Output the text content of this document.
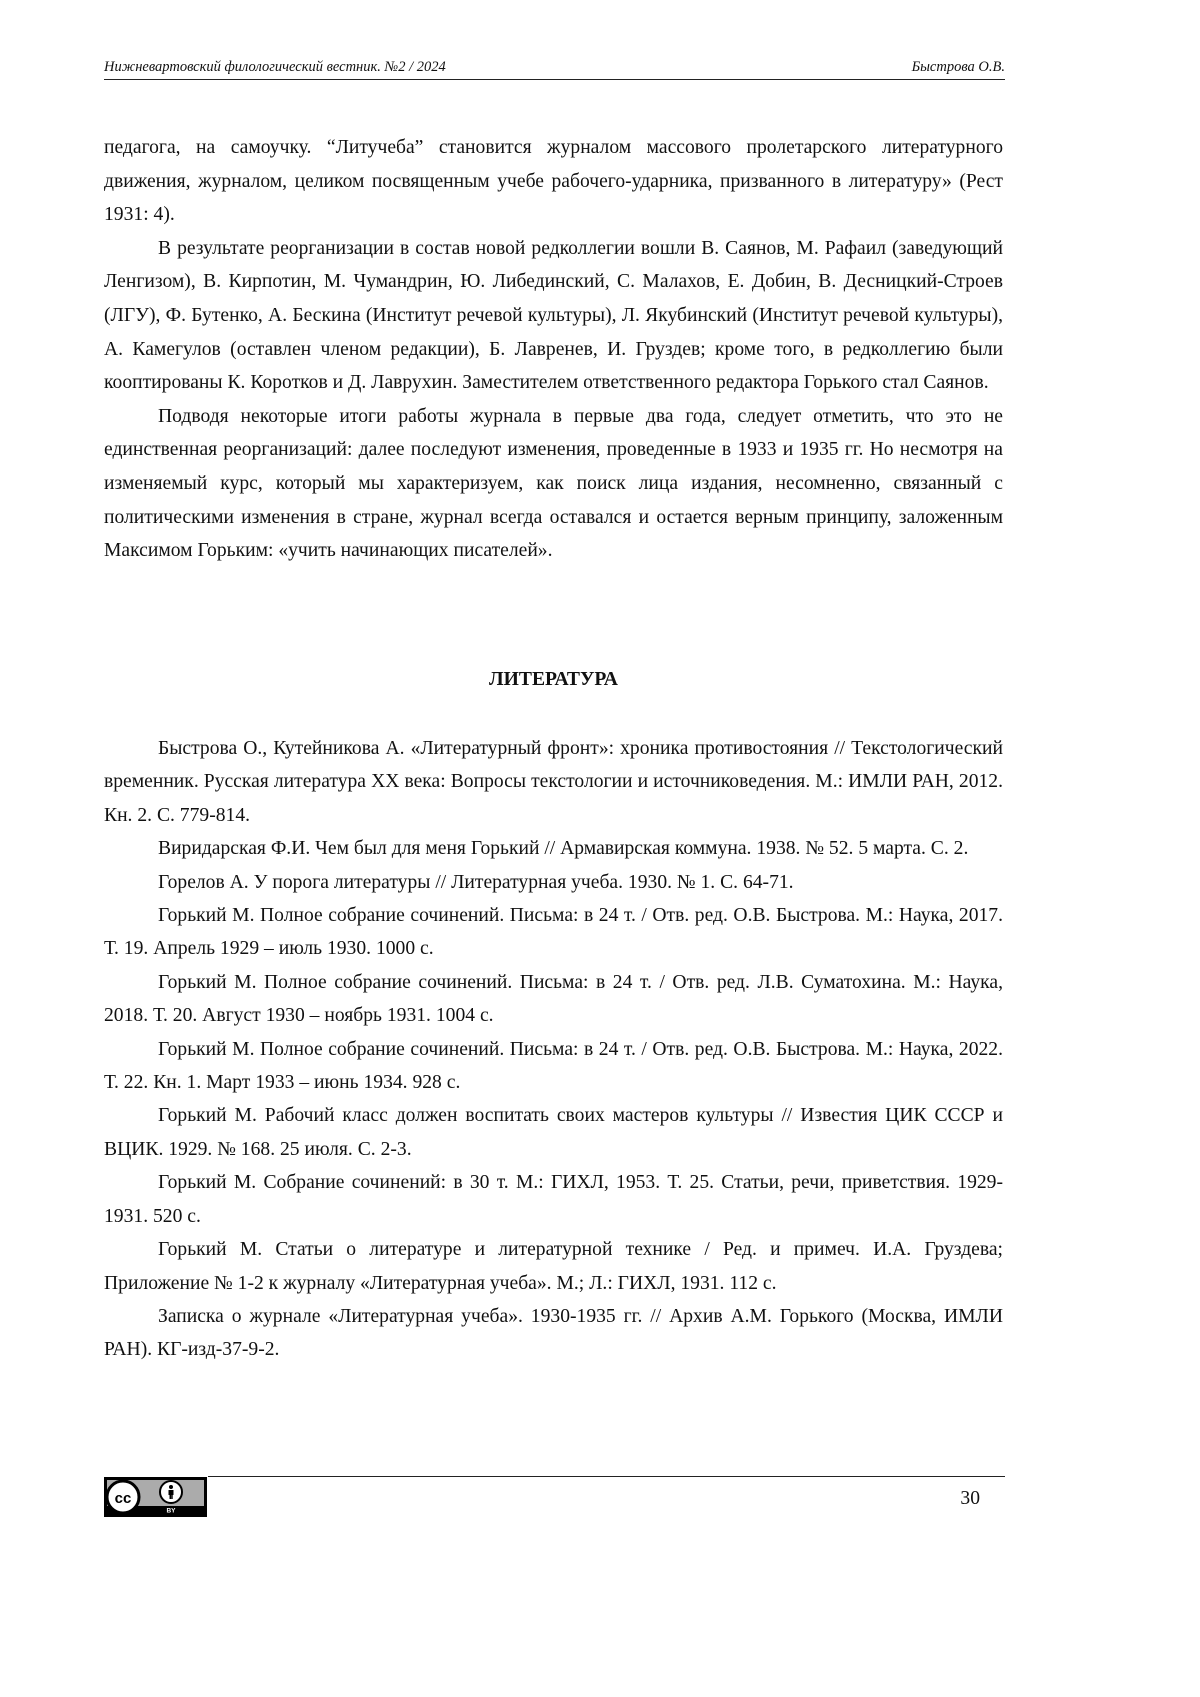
Нижневартовский филологический вестник. №2 / 2024	Быстрова О.В.

педагога, на самоучку. “Литучеба” становится журналом массового пролетарского литературного движения, журналом, целиком посвященным учебе рабочего-ударника, призванного в литературу» (Рест 1931: 4).

В результате реорганизации в состав новой редколлегии вошли В. Саянов, М. Рафаил (заведующий Ленгизом), В. Кирпотин, М. Чумандрин, Ю. Либединский, С. Малахов, Е. Добин, В. Десницкий-Строев (ЛГУ), Ф. Бутенко, А. Бескина (Институт речевой культуры), Л. Якубинский (Институт речевой культуры), А. Камегулов (оставлен членом редакции), Б. Лавренев, И. Груздев; кроме того, в редколлегию были кооптированы К. Коротков и Д. Лаврухин. Заместителем ответственного редактора Горького стал Саянов.

Подводя некоторые итоги работы журнала в первые два года, следует отметить, что это не единственная реорганизаций: далее последуют изменения, проведенные в 1933 и 1935 гг. Но несмотря на изменяемый курс, который мы характеризуем, как поиск лица издания, несомненно, связанный с политическими изменения в стране, журнал всегда оставался и остается верным принципу, заложенным Максимом Горьким: «учить начинающих писателей».

ЛИТЕРАТУРА

Быстрова О., Кутейникова А. «Литературный фронт»: хроника противостояния // Текстологический временник. Русская литература XX века: Вопросы текстологии и источниковедения. М.: ИМЛИ РАН, 2012. Кн. 2. С. 779-814.

Виридарская Ф.И. Чем был для меня Горький // Армавирская коммуна. 1938. № 52. 5 марта. С. 2.

Горелов А. У порога литературы // Литературная учеба. 1930. № 1. С. 64-71.

Горький М. Полное собрание сочинений. Письма: в 24 т. / Отв. ред. О.В. Быстрова. М.: Наука, 2017. Т. 19. Апрель 1929 – июль 1930. 1000 с.

Горький М. Полное собрание сочинений. Письма: в 24 т. / Отв. ред. Л.В. Суматохина. М.: Наука, 2018. Т. 20. Август 1930 – ноябрь 1931. 1004 с.

Горький М. Полное собрание сочинений. Письма: в 24 т. / Отв. ред. О.В. Быстрова. М.: Наука, 2022. Т. 22. Кн. 1. Март 1933 – июнь 1934. 928 с.

Горький М. Рабочий класс должен воспитать своих мастеров культуры // Известия ЦИК СССР и ВЦИК. 1929. № 168. 25 июля. С. 2-3.

Горький М. Собрание сочинений: в 30 т. М.: ГИХЛ, 1953. Т. 25. Статьи, речи, приветствия. 1929-1931. 520 с.

Горький М. Статьи о литературе и литературной технике / Ред. и примеч. И.А. Груздева; Приложение № 1-2 к журналу «Литературная учеба». М.; Л.: ГИХЛ, 1931. 112 с.

Записка о журнале «Литературная учеба». 1930-1935 гг. // Архив А.М. Горького (Москва, ИМЛИ РАН). КГ-изд-37-9-2.

cc
BY
30
